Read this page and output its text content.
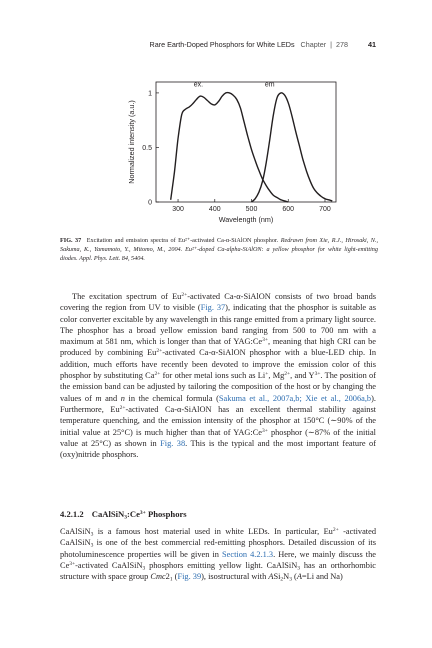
Rare Earth-Doped Phosphors for White LEDs Chapter | 278	41
300	400	500	600	700
0
0.5
1
Wavelength (nm)
Normalized intensity (a.u.)
ex.	em
FIG. 37 Excitation and emission spectra of Eu²⁺-activated Ca-α-SiAlON phosphor. Redrawn from Xie, R.J., Hirosaki, N., Sakuma, K., Yamamoto, Y., Mitomo, M., 2004. Eu²⁺-doped Ca-alpha-SiAlON: a yellow phosphor for white light-emitting diodes. Appl. Phys. Lett. 84, 5404.
The excitation spectrum of $Eu^{2+}$-activated Ca-α-SiAlON consists of two broad bands covering the region from UV to visible (Fig. 37), indicating that the phosphor is suitable as color converter excitable by any wavelength in this range emitted from a primary light source. The phosphor has a broad yellow emission band ranging from 500 to 700 nm with a maximum at 581 nm, which is longer than that of $YAG:Ce^{3+}$, meaning that high CRI can be produced by combining $Eu^{2+}$-activated Ca-α-SiAlON phosphor with a blue-LED chip. In addition, much efforts have recently been devoted to improve the emission color of this phosphor by substituting $Ca^{2+}$ for other metal ions such as Li+, $Mg^{2+}$, and $Y^{3+}$. The position of the emission band can be adjusted by tailoring the composition of the host or by changing the values of m and n in the chemical formula (Sakuma et al., 2007a,b; Xie et al., 2006a,b). Furthermore, $Eu^{2+}$-activated Ca-α-SiAlON has an excellent thermal stability against temperature quenching, and the emission intensity of the phosphor at 150°C (∼90% of the initial value at 25°C) is much higher than that of $YAG:Ce^{3+}$ phosphor (∼87% of the initial value at 25°C) as shown in Fig. 38. This is the typical and the most important feature of (oxy)nitride phosphors.
4.2.1.2 $CaAlSiN_3:Ce^{3+}$ Phosphors
CaAlSiN$_3$ is a famous host material used in white LEDs. In particular, $Eu^{2+}$ -activated CaAlSiN$_3$ is one of the best commercial red-emitting phosphors. Detailed discussion of its photoluminescence properties will be given in Section 4.2.1.3. Here, we mainly discuss the $Ce^{3+}$-activated CaAlSiN$_3$ phosphors emitting yellow light. CaAlSiN$_3$ has an orthorhombic structure with space group $Cmc2_1$ (Fig. 39), isostructural with $ASi_2N_3$ (A=Li and Na)
